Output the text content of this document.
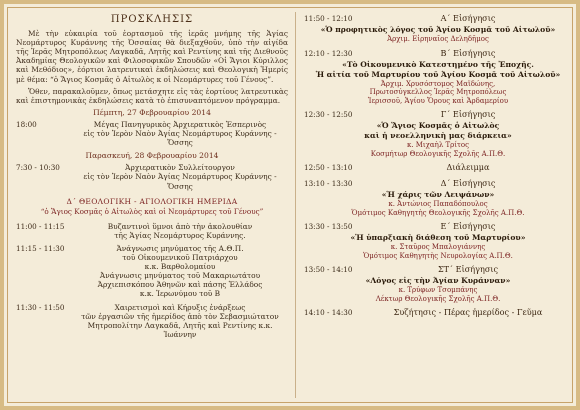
ΠΡΟΣΚΛΗΣΙΣ

Μὲ τὴν εὐκαιρία τοῦ ἑορτασμοῦ τῆς ἱερᾶς μνήμης τῆς Ἁγίας Νεομάρτυρος Κυράννης τῆς Ὀσσαίας θὰ διεξαχθοῦν, ὑπὸ τὴν αἰγίδα τῆς Ἱερᾶς Μητροπόλεως Λαγκαδᾶ, Λητῆς καὶ Ρεντίνης καὶ τῆς Διεθνοῦς Ἀκαδημίας Θεολογικῶν καὶ Φιλοσοφικῶν Σπουδῶν «Οἱ Ἅγιοι Κύριλλος καὶ Μεθόδιος», ἑόρτιοι λατρευτικαὶ ἐκδηλώσεις καὶ Θεολογικὴ Ἡμερίς μὲ θέμα: “ὁ Ἅγιος Κοσμᾶς ὁ Αἰτωλὸς κ οἱ Νεομάρτυρες τοῦ Γένους”.

Ὅθεν, παρακαλοῦμεν, ὅπως μετάσχητε εἰς τὰς ἑορτίους λατρευτικὰς καὶ ἐπιστημονικὰς ἐκδηλώσεις κατὰ τὸ ἐπισυναπτόμενον πρόγραμμα.

Πέμπτη, 27 Φεβρουαρίου 2014
18:00	Μέγας Πανηγυρικὸς Ἀρχιερατικὸς Ἑσπερινὸς
εἰς τὸν Ἱερὸν Ναὸν Ἁγίας Νεομάρτυρος Κυράννης - Ὄσσης
Παρασκευή, 28 Φεβρουαρίου 2014
7:30 - 10:30	Ἀρχιερατικὸν Συλλείτουργον
εἰς τὸν Ἱερὸν Ναὸν Ἁγίας Νεομάρτυρος Κυράννης - Ὄσσης
Δ΄ ΘΕΟΛΟΓΙΚΗ - ΑΓΙΟΛΟΓΙΚΗ ΗΜΕΡΙΔΑ
“ὁ Ἅγιος Κοσμᾶς ὁ Αἰτωλὸς καὶ οἱ Νεομάρτυρες τοῦ Γένους”
11:00 - 11:15	Βυζαντινοὶ ὕμνοι ἀπὸ τὴν ἀκολουθίαν
τῆς Ἁγίας Νεομάρτυρος Κυράννης.
11:15 - 11:30	Ἀνάγνωσις μηνύματος τῆς Α.Θ.Π.
τοῦ Οἰκουμενικοῦ Πατριάρχου
κ.κ. Βαρθολομαίου
Ἀνάγνωσις μηνύματος τοῦ Μακαριωτάτου
Ἀρχιεπισκόπου Ἀθηνῶν καὶ πάσης Ἑλλάδος
κ.κ. Ἱερωνύμου τοῦ Β
11:30 - 11:50	Χαιρετισμοὶ καὶ Κήρυξις ἐνάρξεως
τῶν ἐργασιῶν τῆς ἡμερίδος ἀπὸ τὸν Σεβασμιώτατον
Μητροπολίτην Λαγκαδᾶ, Λητῆς καὶ Ρεντίνης κ.κ. Ἰωάννην
11:50 - 12:10	Α΄ Εἰσήγησις
«Ὁ προφητικὸς λόγος τοῦ Ἁγίου Κοσμᾶ τοῦ Αἰτωλοῦ»
Ἀρχιμ. Εἰρηναῖος Δεληδῆμος
12:10 - 12:30	Β΄ Εἰσήγησις
«Τὸ Οἰκουμενικὸ Κατεστημένο τῆς Ἐποχῆς.
Ἡ αἰτία τοῦ Μαρτυρίου τοῦ Ἁγίου Κοσμᾶ τοῦ Αἰτωλοῦ»
Ἀρχιμ. Χρυσόστομος Μαϊδώνης,
Πρωτοσύγκελλος Ἱερᾶς Μητροπόλεως
Ἱερισσοῦ, Ἁγίου Ὄρους καὶ Ἀρδαμερίου
12:30 - 12:50	Γ΄ Εἰσήγησις
«Ὁ Ἅγιος Κοσμᾶς ὁ Αἰτωλὸς
καὶ ἡ νεοελληνικὴ μας διάρκεια»
κ. Μιχαὴλ Τρίτος
Κοσμήτωρ Θεολογικῆς Σχολῆς Α.Π.Θ.
12:50 - 13:10	Διάλειμμα
13:10 - 13:30	Δ΄ Εἰσήγησις
«Ἡ χάρις τῶν Λειψάνων»
κ. Ἀντώνιος Παπαδόπουλος
Ὁμότιμος Καθηγητὴς Θεολογικῆς Σχολῆς Α.Π.Θ.
13:30 - 13:50	Ε΄ Εἰσήγησις
«Ἡ ὑπαρξιακὴ διάθεση τοῦ Μαρτυρίου»
κ. Σταῦρος Μπαλογιάννης
Ὁμότιμος Καθηγητὴς Νευρολογίας Α.Π.Θ.
13:50 - 14:10	ΣΤ΄ Εἰσήγησις
«Λόγος εἰς τὴν Ἁγίαν Κυράνναν»
κ. Τρύφων Τσομπάνης
Λέκτωρ Θεολογικῆς Σχολῆς Α.Π.Θ.
14:10 - 14:30	Συζήτησις - Πέρας ἡμερίδος - Γεῦμα
